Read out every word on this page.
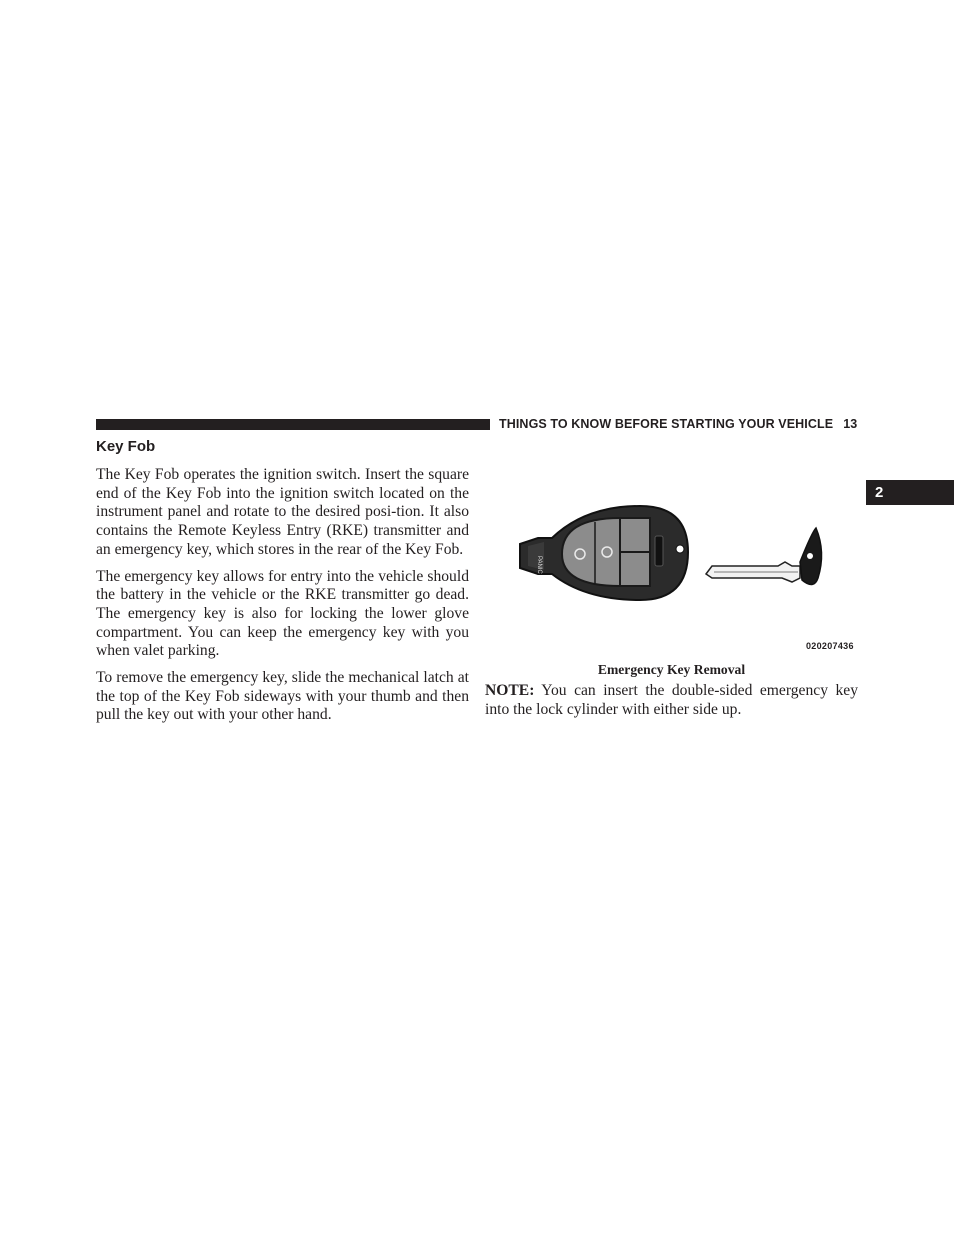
THINGS TO KNOW BEFORE STARTING YOUR VEHICLE 13
2
Key Fob

The Key Fob operates the ignition switch. Insert the square end of the Key Fob into the ignition switch located on the instrument panel and rotate to the desired posi-tion. It also contains the Remote Keyless Entry (RKE) transmitter and an emergency key, which stores in the rear of the Key Fob.

The emergency key allows for entry into the vehicle should the battery in the vehicle or the RKE transmitter go dead. The emergency key is also for locking the lower glove compartment. You can keep the emergency key with you when valet parking.

To remove the emergency key, slide the mechanical latch at the top of the Key Fob sideways with your thumb and then pull the key out with your other hand.

PANIC
020207436
Emergency Key Removal

NOTE: You can insert the double-sided emergency key into the lock cylinder with either side up.
